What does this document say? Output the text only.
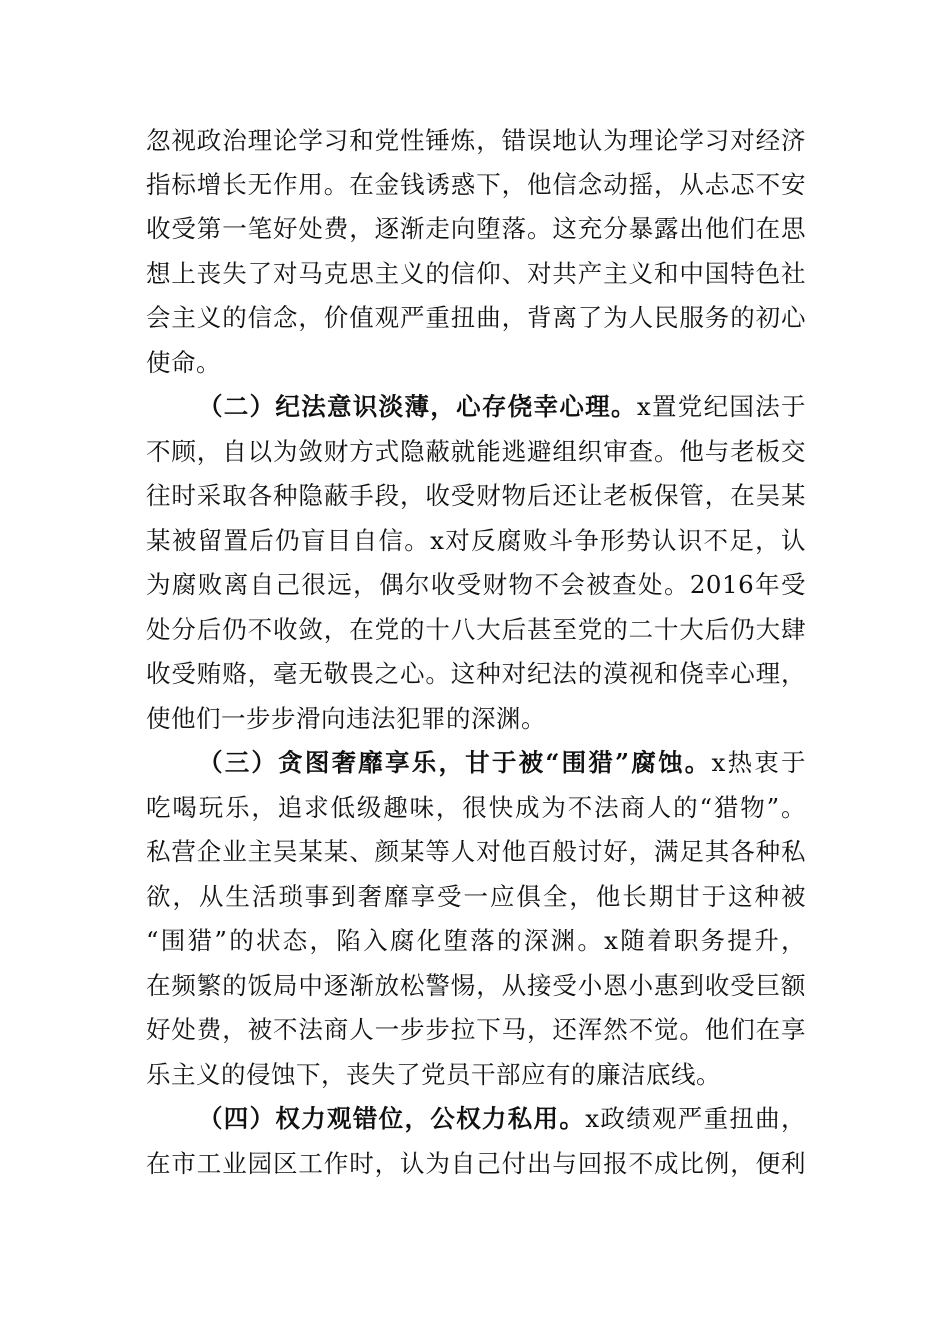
忽视政治理论学习和党性锤炼，错误地认为理论学习对经济
指标增长无作用。在金钱诱惑下，他信念动摇，从忐忑不安
收受第一笔好处费，逐渐走向堕落。这充分暴露出他们在思
想上丧失了对马克思主义的信仰、对共产主义和中国特色社
会主义的信念，价值观严重扭曲，背离了为人民服务的初心
使命。
（二）纪法意识淡薄，心存侥幸心理。x置党纪国法于
不顾，自以为敛财方式隐蔽就能逃避组织审查。他与老板交
往时采取各种隐蔽手段，收受财物后还让老板保管，在吴某
某被留置后仍盲目自信。x对反腐败斗争形势认识不足，认
为腐败离自己很远，偶尔收受财物不会被查处。2016年受
处分后仍不收敛，在党的十八大后甚至党的二十大后仍大肆
收受贿赂，毫无敬畏之心。这种对纪法的漠视和侥幸心理，
使他们一步步滑向违法犯罪的深渊。
（三）贪图奢靡享乐，甘于被“围猎”腐蚀。x热衷于
吃喝玩乐，追求低级趣味，很快成为不法商人的“猎物”。
私营企业主吴某某、颜某等人对他百般讨好，满足其各种私
欲，从生活琐事到奢靡享受一应俱全，他长期甘于这种被
“围猎”的状态，陷入腐化堕落的深渊。x随着职务提升，
在频繁的饭局中逐渐放松警惕，从接受小恩小惠到收受巨额
好处费，被不法商人一步步拉下马，还浑然不觉。他们在享
乐主义的侵蚀下，丧失了党员干部应有的廉洁底线。
（四）权力观错位，公权力私用。x政绩观严重扭曲，
在市工业园区工作时，认为自己付出与回报不成比例，便利
